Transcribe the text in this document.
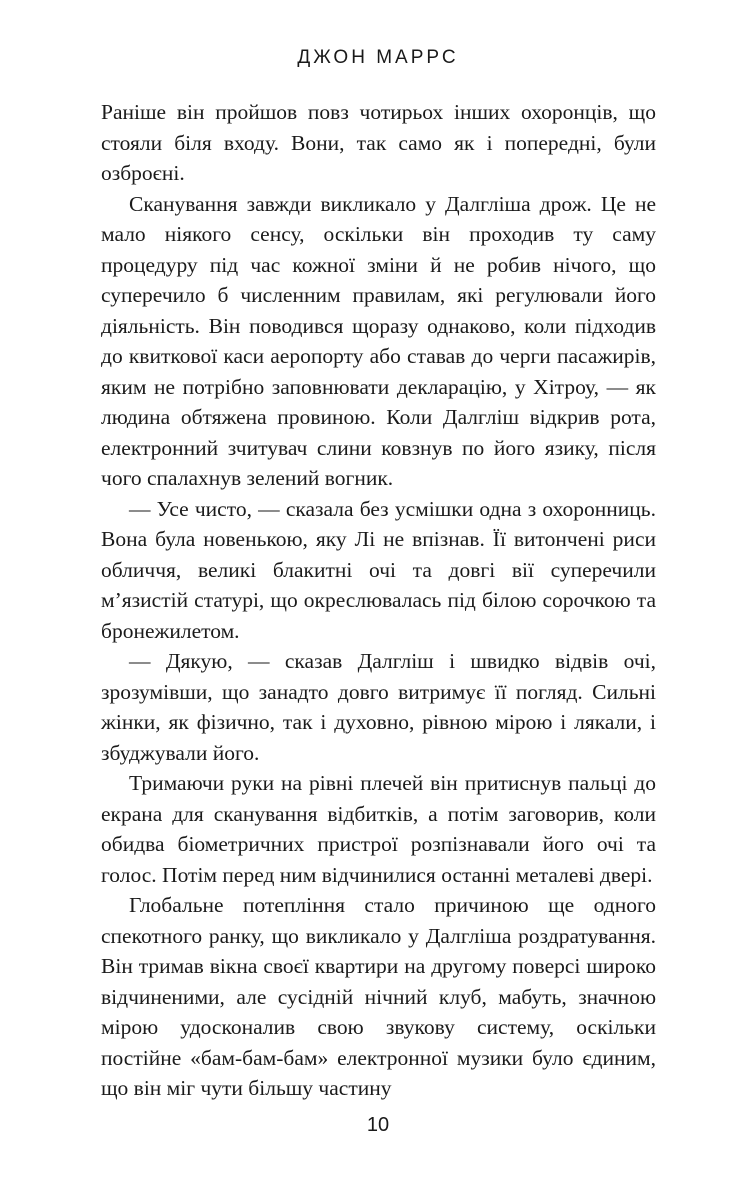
ДЖОН МАРРС

Раніше він пройшов повз чотирьох інших охоронців, що стояли біля входу. Вони, так само як і попередні, були озброєні.

Сканування завжди викликало у Далгліша дрож. Це не мало ніякого сенсу, оскільки він проходив ту саму процедуру під час кожної зміни й не робив нічого, що суперечило б численним правилам, які регулювали його діяльність. Він поводився щоразу однаково, коли підходив до квиткової каси аеропорту або ставав до черги пасажирів, яким не потрібно заповнювати декларацію, у Хітроу, — як людина обтяжена провиною. Коли Далгліш відкрив рота, електронний зчитувач слини ковзнув по його язику, після чого спалахнув зелений вогник.

— Усе чисто, — сказала без усмішки одна з охоронниць. Вона була новенькою, яку Лі не впізнав. Її витончені риси обличчя, великі блакитні очі та довгі вії суперечили м’язистій статурі, що окреслювалась під білою сорочкою та бронежилетом.

— Дякую, — сказав Далгліш і швидко відвів очі, зрозумівши, що занадто довго витримує її погляд. Сильні жінки, як фізично, так і духовно, рівною мірою і лякали, і збуджували його.

Тримаючи руки на рівні плечей він притиснув пальці до екрана для сканування відбитків, а потім заговорив, коли обидва біометричних пристрої розпізнавали його очі та голос. Потім перед ним відчинилися останні металеві двері.

Глобальне потепління стало причиною ще одного спекотного ранку, що викликало у Далгліша роздратування. Він тримав вікна своєї квартири на другому поверсі широко відчиненими, але сусідній нічний клуб, мабуть, значною мірою удосконалив свою звукову систему, оскільки постійне «бам-бам-бам» електронної музики було єдиним, що він міг чути більшу частину

10
